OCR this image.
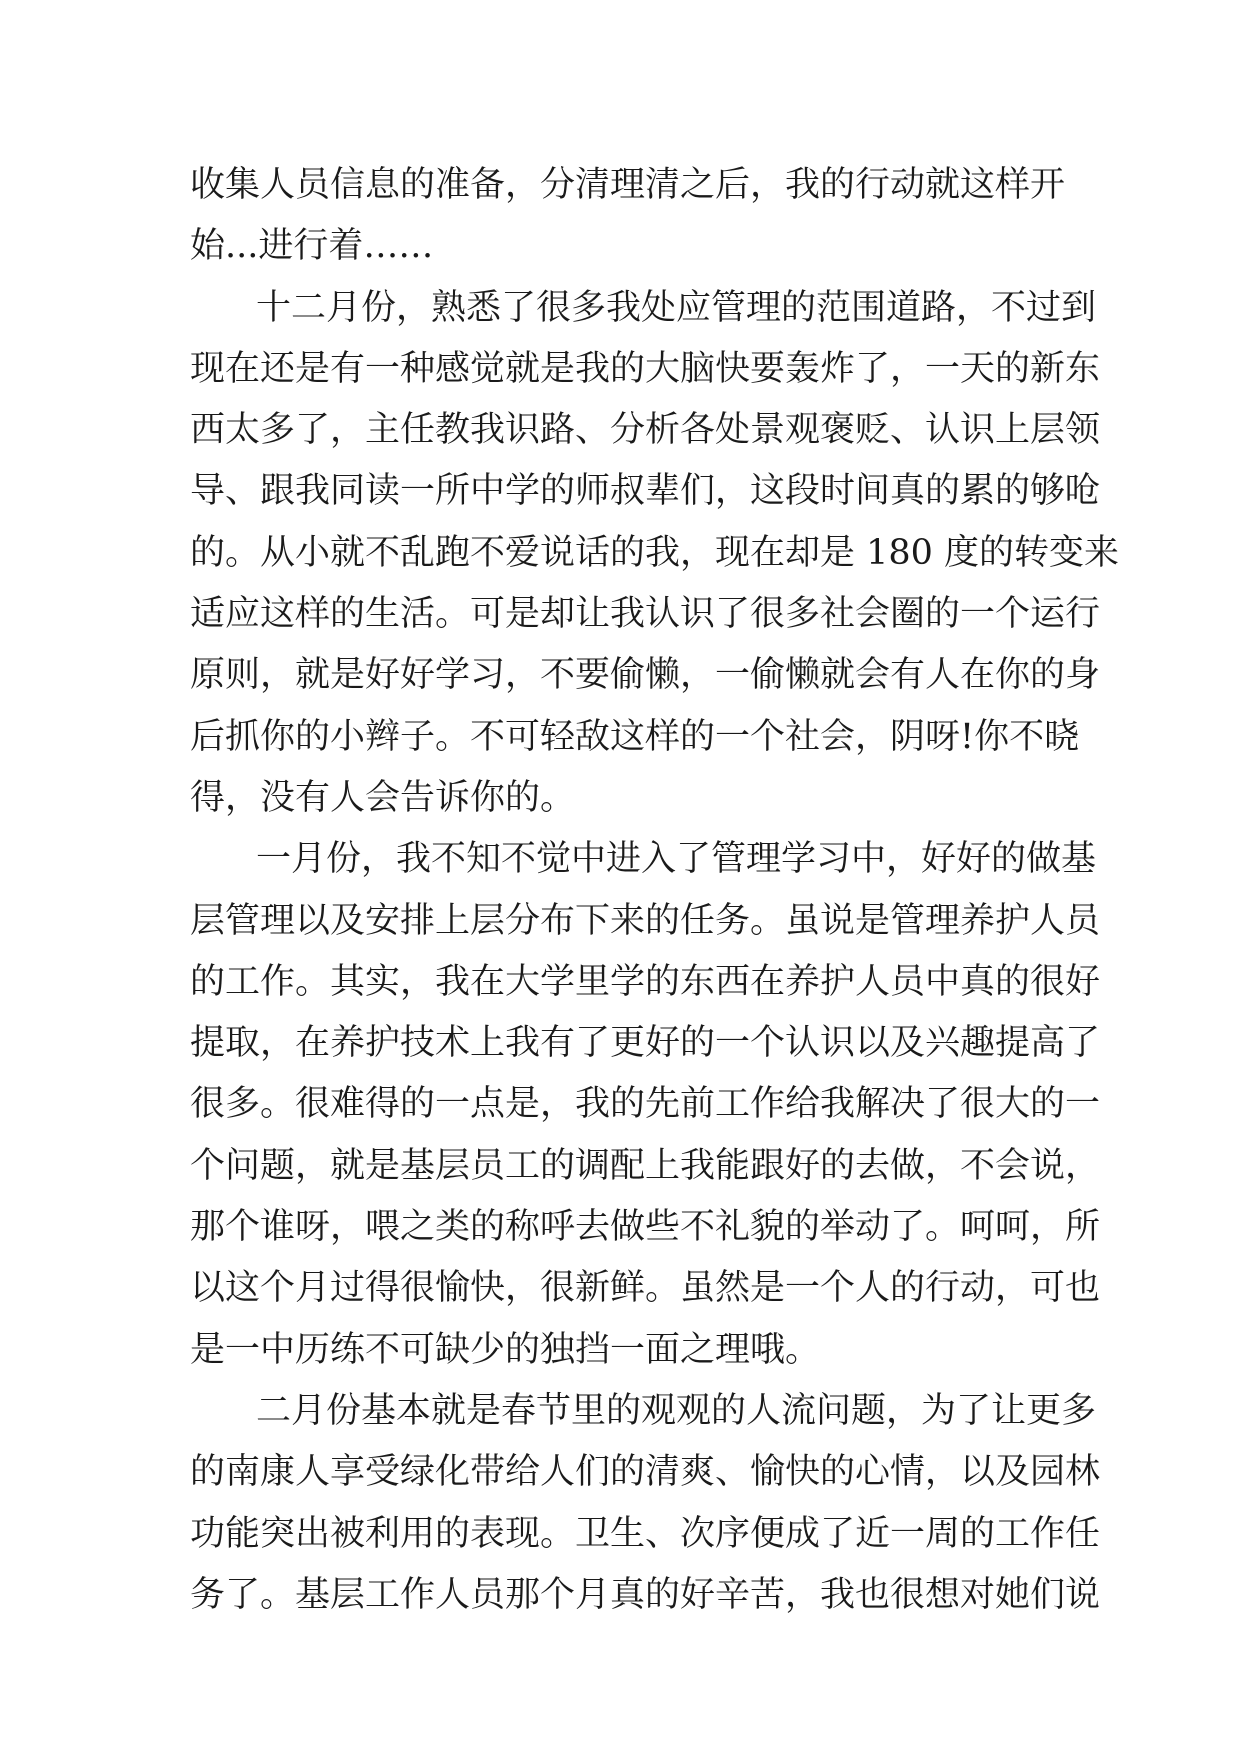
收集人员信息的准备，分清理清之后，我的行动就这样开
始...进行着……
十二月份，熟悉了很多我处应管理的范围道路，不过到
现在还是有一种感觉就是我的大脑快要轰炸了，一天的新东
西太多了，主任教我识路、分析各处景观褒贬、认识上层领
导、跟我同读一所中学的师叔辈们，这段时间真的累的够呛
的。从小就不乱跑不爱说话的我，现在却是 180 度的转变来
适应这样的生活。可是却让我认识了很多社会圈的一个运行
原则，就是好好学习，不要偷懒，一偷懒就会有人在你的身
后抓你的小辫子。不可轻敌这样的一个社会，阴呀!你不晓
得，没有人会告诉你的。
一月份，我不知不觉中进入了管理学习中，好好的做基
层管理以及安排上层分布下来的任务。虽说是管理养护人员
的工作。其实，我在大学里学的东西在养护人员中真的很好
提取，在养护技术上我有了更好的一个认识以及兴趣提高了
很多。很难得的一点是，我的先前工作给我解决了很大的一
个问题，就是基层员工的调配上我能跟好的去做，不会说，
那个谁呀，喂之类的称呼去做些不礼貌的举动了。呵呵，所
以这个月过得很愉快，很新鲜。虽然是一个人的行动，可也
是一中历练不可缺少的独挡一面之理哦。
二月份基本就是春节里的观观的人流问题，为了让更多
的南康人享受绿化带给人们的清爽、愉快的心情，以及园林
功能突出被利用的表现。卫生、次序便成了近一周的工作任
务了。基层工作人员那个月真的好辛苦，我也很想对她们说
